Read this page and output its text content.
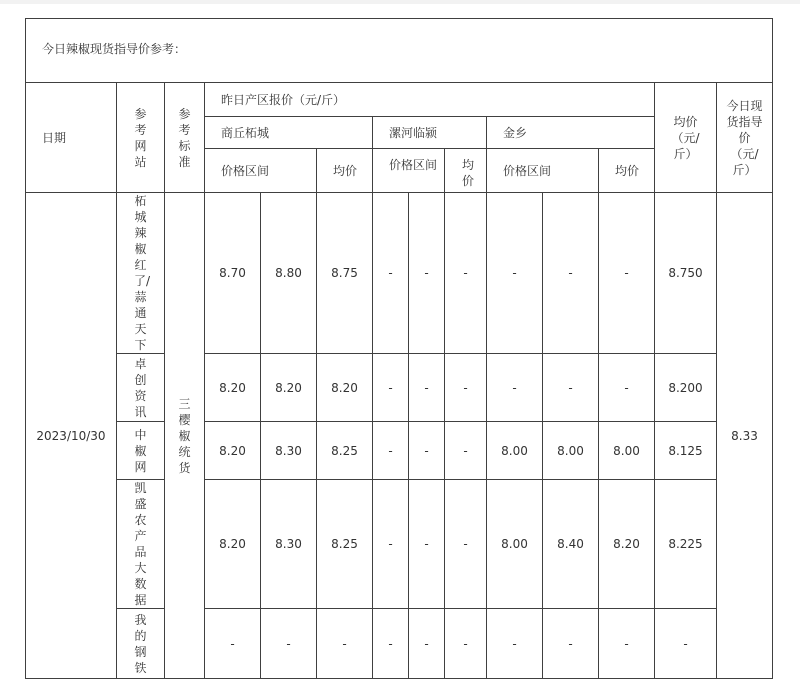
今日辣椒现货指导价参考：													
日期	参考网站	参考标准	昨日产区报价（元/斤）									均价（元/斤）	今日现货指导价（元/斤）
			商丘柘城			漯河临颍			金乡				
			价格区间		均价	价格区间		均价	价格区间		均价		
2023/10/30	柘城辣椒红了/蒜通天下	三樱椒统货	8.70	8.80	8.75	-	-	-	-	-	-	8.750	8.33
	卓创资讯		8.20	8.20	8.20	-	-	-	-	-	-	8.200	
	中椒网		8.20	8.30	8.25	-	-	-	8.00	8.00	8.00	8.125	
	凯盛农产品大数据		8.20	8.30	8.25	-	-	-	8.00	8.40	8.20	8.225	
	我的钢铁		-	-	-	-	-	-	-	-	-	-	
